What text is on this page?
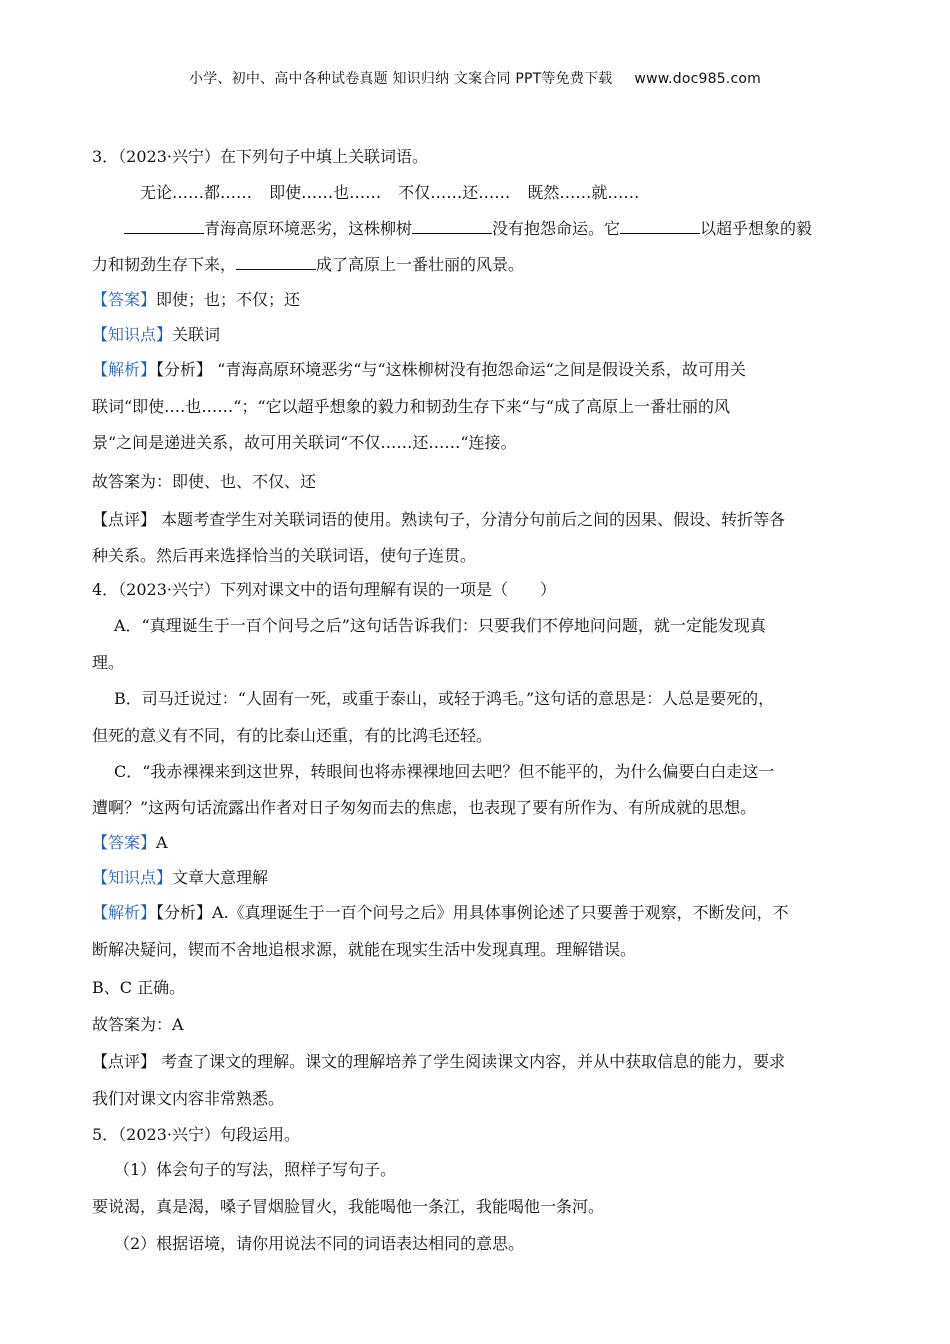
小学、初中、高中各种试卷真题 知识归纳 文案合同 PPT等免费下载 www.doc985.com
3．（2023·兴宁）在下列句子中填上关联词语。
无论……都…… 即使……也…… 不仅……还…… 既然……就……
青海高原环境恶劣，这株柳树	没有抱怨命运。它	以超乎想象的毅
力和韧劲生存下来，	成了高原上一番壮丽的风景。
【答案】即使；也；不仅；还
【知识点】关联词
【解析】【分析】 “青海高原环境恶劣“与“这株柳树没有抱怨命运“之间是假设关系，故可用关
联词“即使….也……“；“它以超乎想象的毅力和韧劲生存下来“与“成了高原上一番壮丽的风
景“之间是递进关系，故可用关联词“不仅……还……“连接。
故答案为：即使、也、不仅、还
【点评】 本题考查学生对关联词语的使用。熟读句子，分清分句前后之间的因果、假设、转折等各
种关系。然后再来选择恰当的关联词语，使句子连贯。
4．（2023·兴宁）下列对课文中的语句理解有误的一项是（　　）
A．“真理诞生于一百个问号之后”这句话告诉我们：只要我们不停地问问题，就一定能发现真
理。
B．司马迁说过：“人固有一死，或重于泰山，或轻于鸿毛。”这句话的意思是：人总是要死的，
但死的意义有不同，有的比泰山还重，有的比鸿毛还轻。
C．“我赤裸裸来到这世界，转眼间也将赤裸裸地回去吧？但不能平的，为什么偏要白白走这一
遭啊？”这两句话流露出作者对日子匆匆而去的焦虑，也表现了要有所作为、有所成就的思想。
【答案】A
【知识点】文章大意理解
【解析】【分析】A.《真理诞生于一百个问号之后》用具体事例论述了只要善于观察，不断发问，不
断解决疑问，锲而不舍地追根求源，就能在现实生活中发现真理。理解错误。
B、C 正确。
故答案为：A
【点评】 考查了课文的理解。课文的理解培养了学生阅读课文内容，并从中获取信息的能力，要求
我们对课文内容非常熟悉。
5．（2023·兴宁）句段运用。
（1）体会句子的写法，照样子写句子。
要说渴，真是渴，嗓子冒烟脸冒火，我能喝他一条江，我能喝他一条河。
（2）根据语境，请你用说法不同的词语表达相同的意思。
